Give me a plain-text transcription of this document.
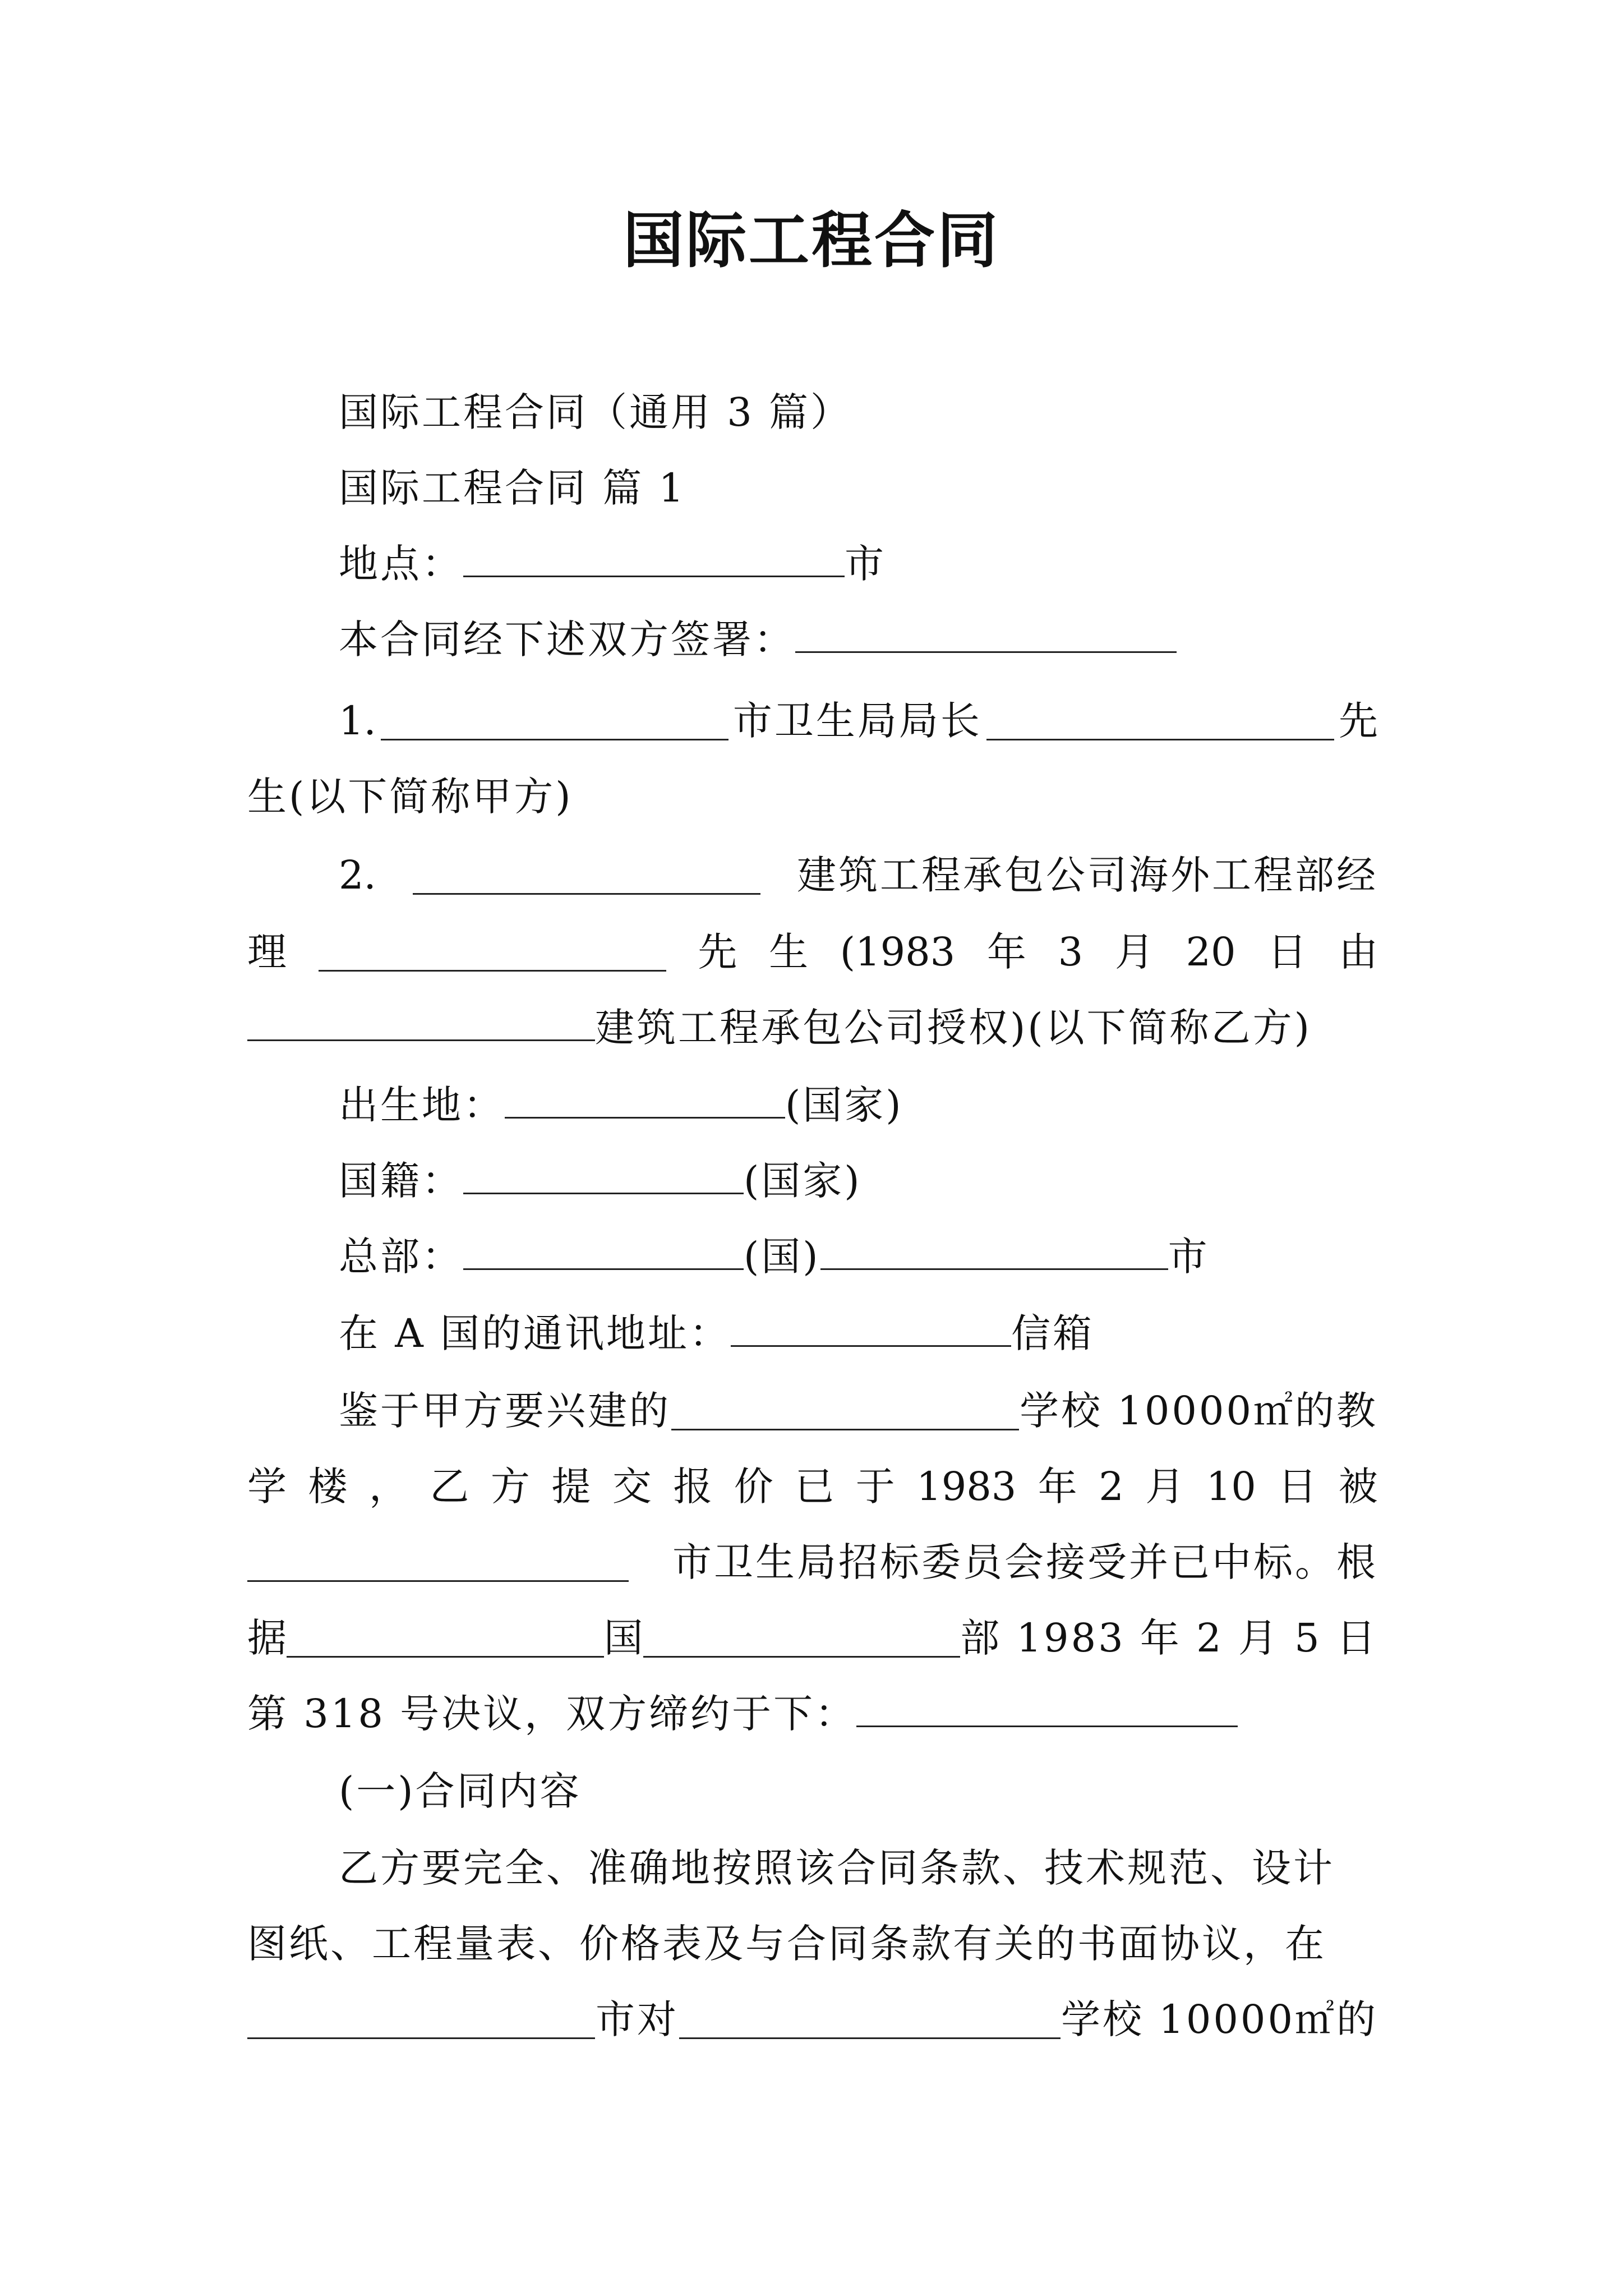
国际工程合同
国际工程合同（通用 3 篇）
国际工程合同 篇 1
地点：	市
本合同经下述双方签署：
1.	市卫生局局长	先
生(以下简称甲方)
2.	建筑工程承包公司海外工程部经
理	先 生 (1983 年 3 月 20 日 由
建筑工程承包公司授权)(以下简称乙方)
出生地：	(国家)
国籍：	(国家)
总部：	(国)	市
在 A 国的通讯地址：	信箱
鉴于甲方要兴建的	学校 10000㎡的教
学 楼 ， 乙 方 提 交 报 价 已 于 1983 年 2 月 10 日 被
市卫生局招标委员会接受并已中标。根
据	国	部 1983 年 2 月 5 日
第 318 号决议，双方缔约于下：
(一)合同内容
乙方要完全、准确地按照该合同条款、技术规范、设计
图纸、工程量表、价格表及与合同条款有关的书面协议，在
市对	学校 10000㎡的
